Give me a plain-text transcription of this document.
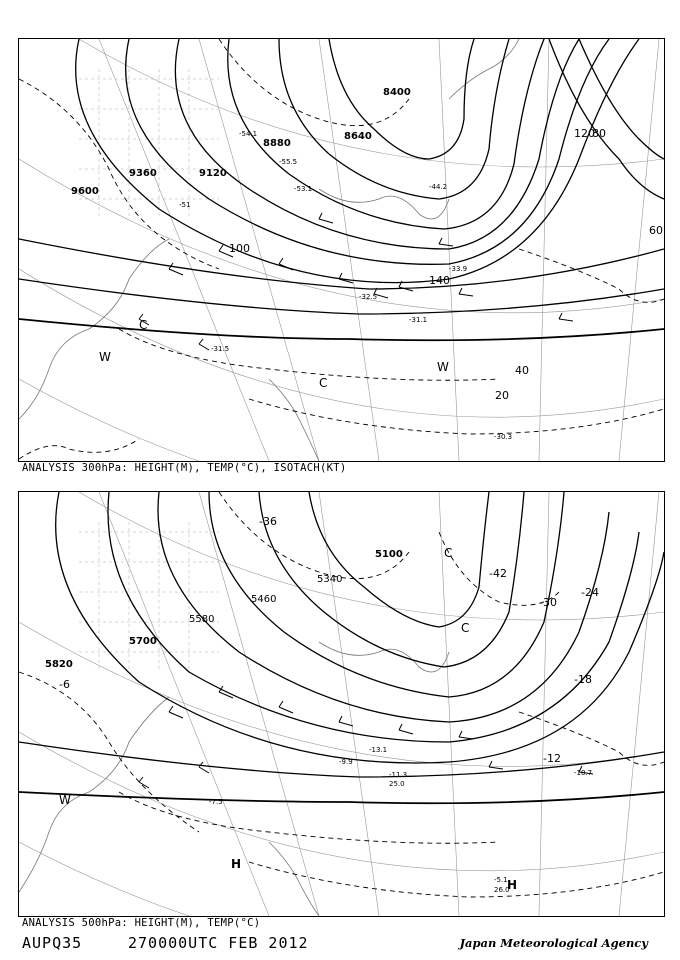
9600
9360	9120
8880
8640
8400
60
100
120
140
80
40
20
-30.3
-31.5
-31.1
-32.5
-33.9
-44.2
-54.1
-55.5
-53.1
-51
C
C
W
W
ANALYSIS 300hPa: HEIGHT(M), TEMP(°C), ISOTACH(KT)
5820
5700
5580
5460
5340
5100
-6
-12
-18
-24
-30
-36
-42
-13.1
-11.3	-10.7
-9.9
-7.5
-5.1
26.0
25.0
H
H
W
C
C
ANALYSIS 500hPa: HEIGHT(M), TEMP(°C)
AUPQ35	270000UTC FEB 2012	Japan Meteorological Agency
